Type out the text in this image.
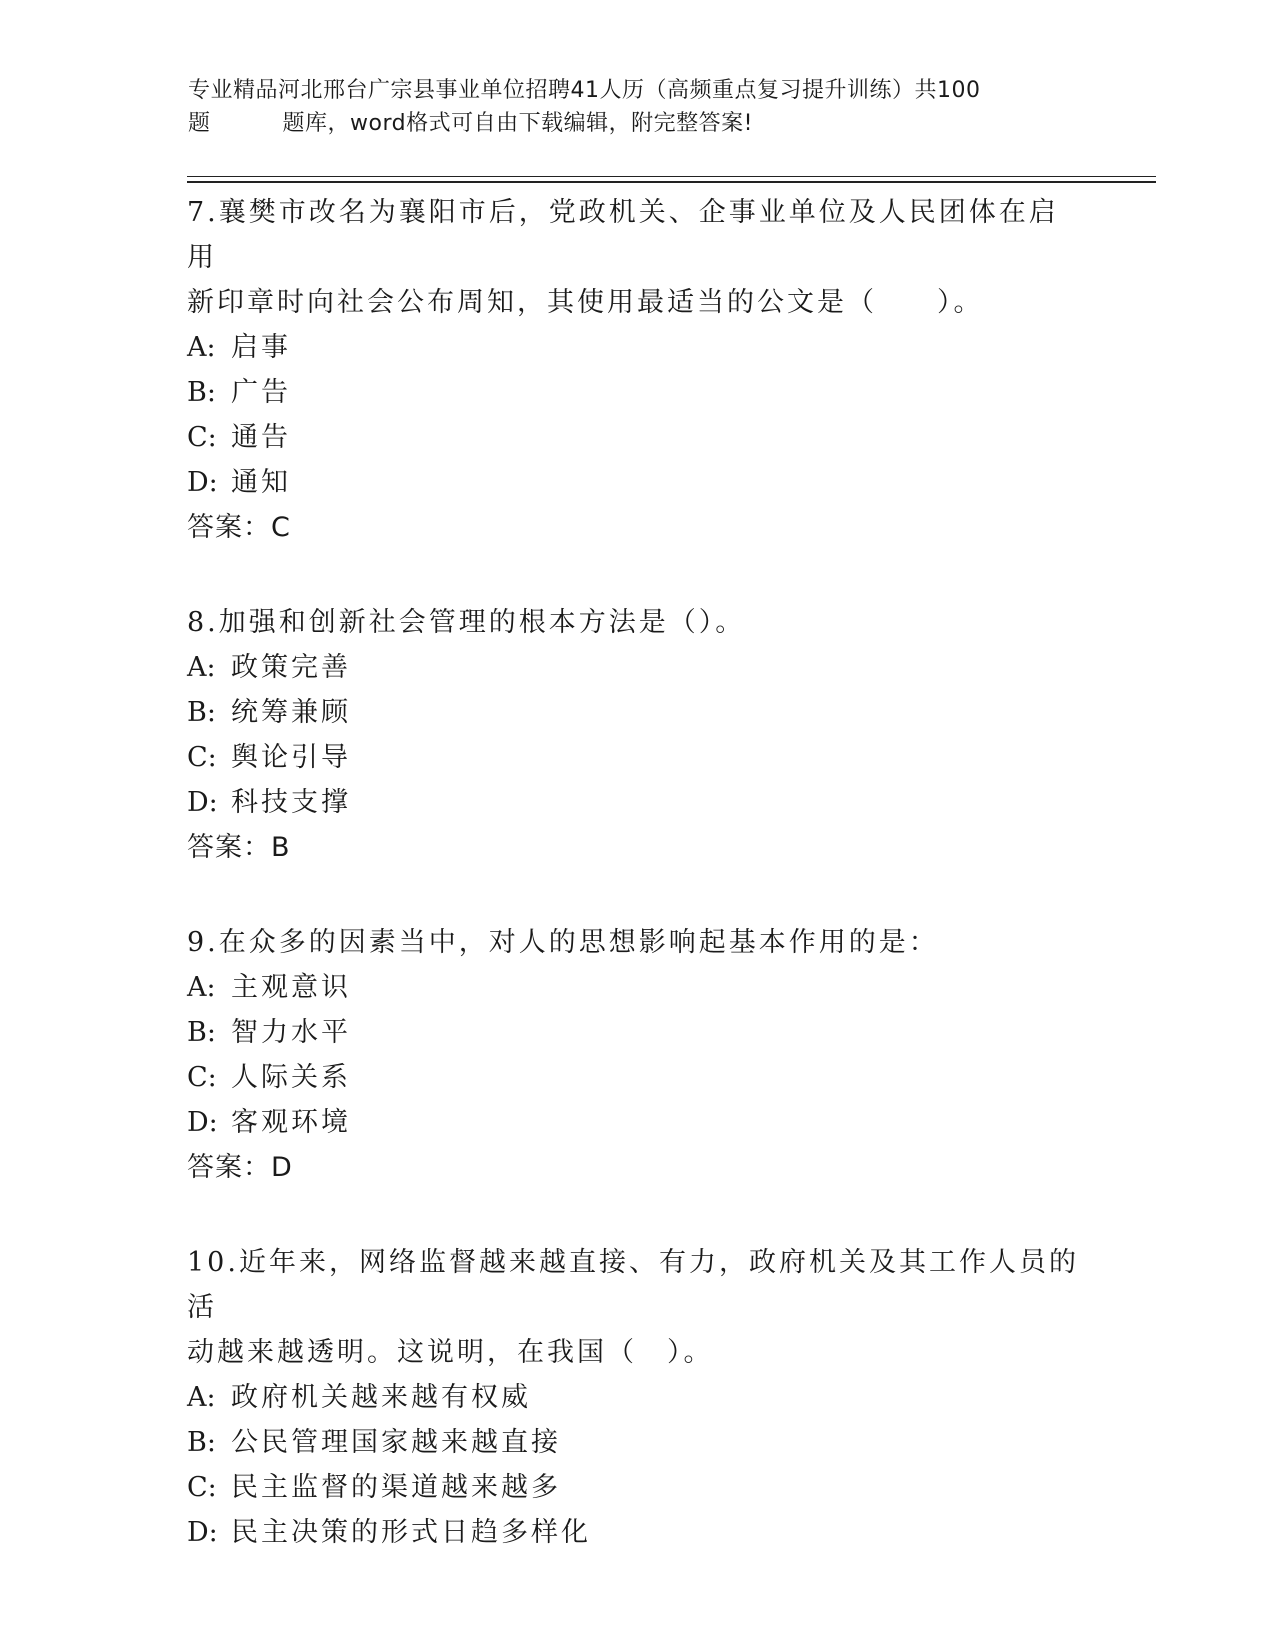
专业精品河北邢台广宗县事业单位招聘41人历（高频重点复习提升训练）共100
题	题库，word格式可自由下载编辑，附完整答案!

7.襄樊市改名为襄阳市后，党政机关、企事业单位及人民团体在启用

新印章时向社会公布周知，其使用最适当的公文是（　　）。

A: 启事

B: 广告

C: 通告

D: 通知

答案：C

8.加强和创新社会管理的根本方法是（）。

A: 政策完善

B: 统筹兼顾

C: 舆论引导

D: 科技支撑

答案：B

9.在众多的因素当中，对人的思想影响起基本作用的是：

A: 主观意识

B: 智力水平

C: 人际关系

D: 客观环境

答案：D

10.近年来，网络监督越来越直接、有力，政府机关及其工作人员的活

动越来越透明。这说明，在我国（　）。

A: 政府机关越来越有权威

B: 公民管理国家越来越直接

C: 民主监督的渠道越来越多

D: 民主决策的形式日趋多样化
